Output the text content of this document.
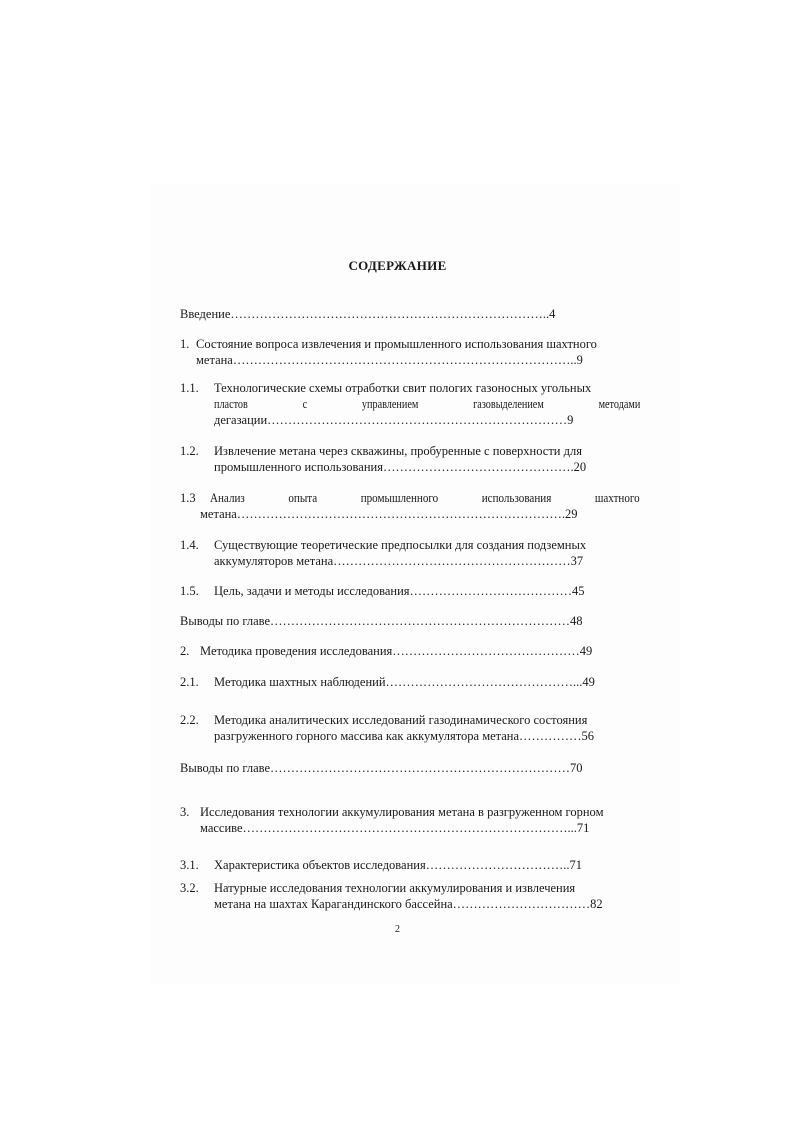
СОДЕРЖАНИЕ
Введение…………………………………………………………………..4
1. Состояние вопроса извлечения и промышленного использования шахтного
метана………………………………………………………………………..9
1.1. Технологические схемы отработки свит пологих газоносных угольных
пластов с управлением газовыделением методами
дегазации………………………………………………………………9
1.2. Извлечение метана через скважины, пробуренные с поверхности для
промышленного использования……………………………………….20
1.3 Анализ опыта промышленного использования шахтного
метана…………………………………………………………………….29
1.4. Существующие теоретические предпосылки для создания подземных
аккумуляторов метана…………………………………………………37
1.5. Цель, задачи и методы исследования…………………………………45
Выводы по главе………………………………………………………………48
2. Методика проведения исследования………………………………………49
2.1. Методика шахтных наблюдений………………………………………...49
2.2. Методика аналитических исследований газодинамического состояния
разгруженного горного массива как аккумулятора метана……………56
Выводы по главе………………………………………………………………70
3. Исследования технологии аккумулирования метана в разгруженном горном
массиве……………………………………………………………………...71
3.1. Характеристика объектов исследования……………………………..71
3.2. Натурные исследования технологии аккумулирования и извлечения
метана на шахтах Карагандинского бассейна……………………………82
2
